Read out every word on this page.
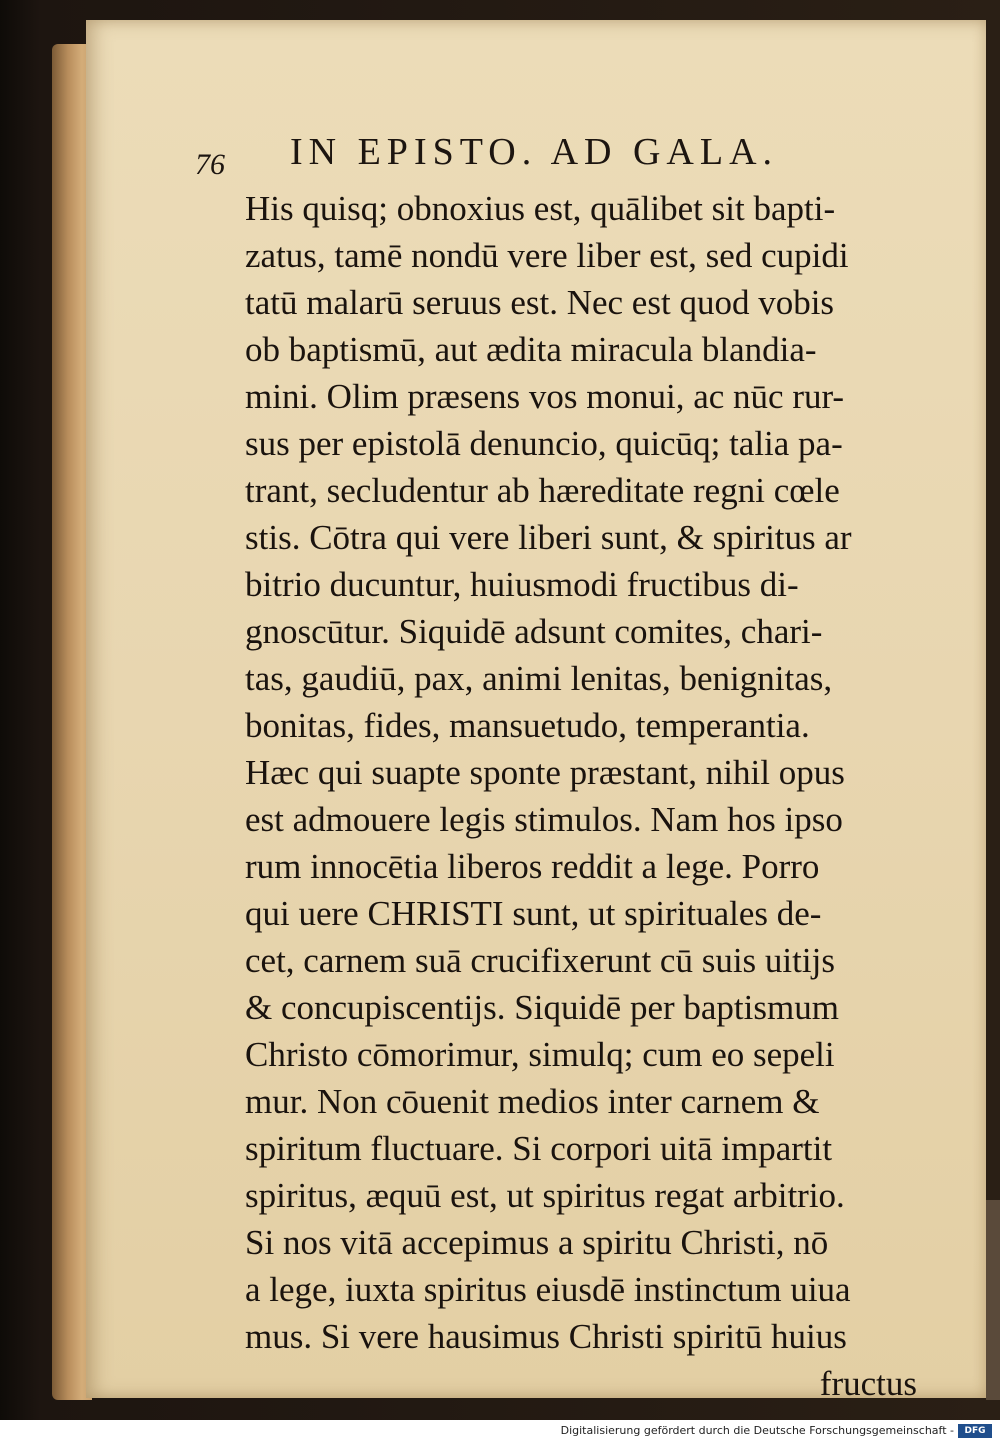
76 IN EPISTO. AD GALA.
His quisq; obnoxius est, quālibet sit bapti-
zatus, tamē nondū vere liber est, sed cupidi
tatū malarū seruus est. Nec est quod vobis
ob baptismū, aut ædita miracula blandia-
mini. Olim præsens vos monui, ac nūc rur-
sus per epistolā denuncio, quicūq; talia pa-
trant, secludentur ab hæreditate regni cœle
stis. Cōtra qui vere liberi sunt, & spiritus ar
bitrio ducuntur, huiusmodi fructibus di-
gnoscūtur. Siquidē adsunt comites, chari-
tas, gaudiū, pax, animi lenitas, benignitas,
bonitas, fides, mansuetudo, temperantia.
Hæc qui suapte sponte præstant, nihil opus
est admouere legis stimulos. Nam hos ipso
rum innocētia liberos reddit a lege. Porro
qui uere CHRISTI sunt, ut spirituales de-
cet, carnem suā crucifixerunt cū suis uitijs
& concupiscentijs. Siquidē per baptismum
Christo cōmorimur, simulq; cum eo sepeli
mur. Non cōuenit medios inter carnem &
spiritum fluctuare. Si corpori uitā impartit
spiritus, æquū est, ut spiritus regat arbitrio.
Si nos vitā accepimus a spiritu Christi, nō
a lege, iuxta spiritus eiusdē instinctum uiua
mus. Si vere hausimus Christi spiritū huius
fructus
Digitalisierung gefördert durch die Deutsche Forschungsgemeinschaft -	DFG
